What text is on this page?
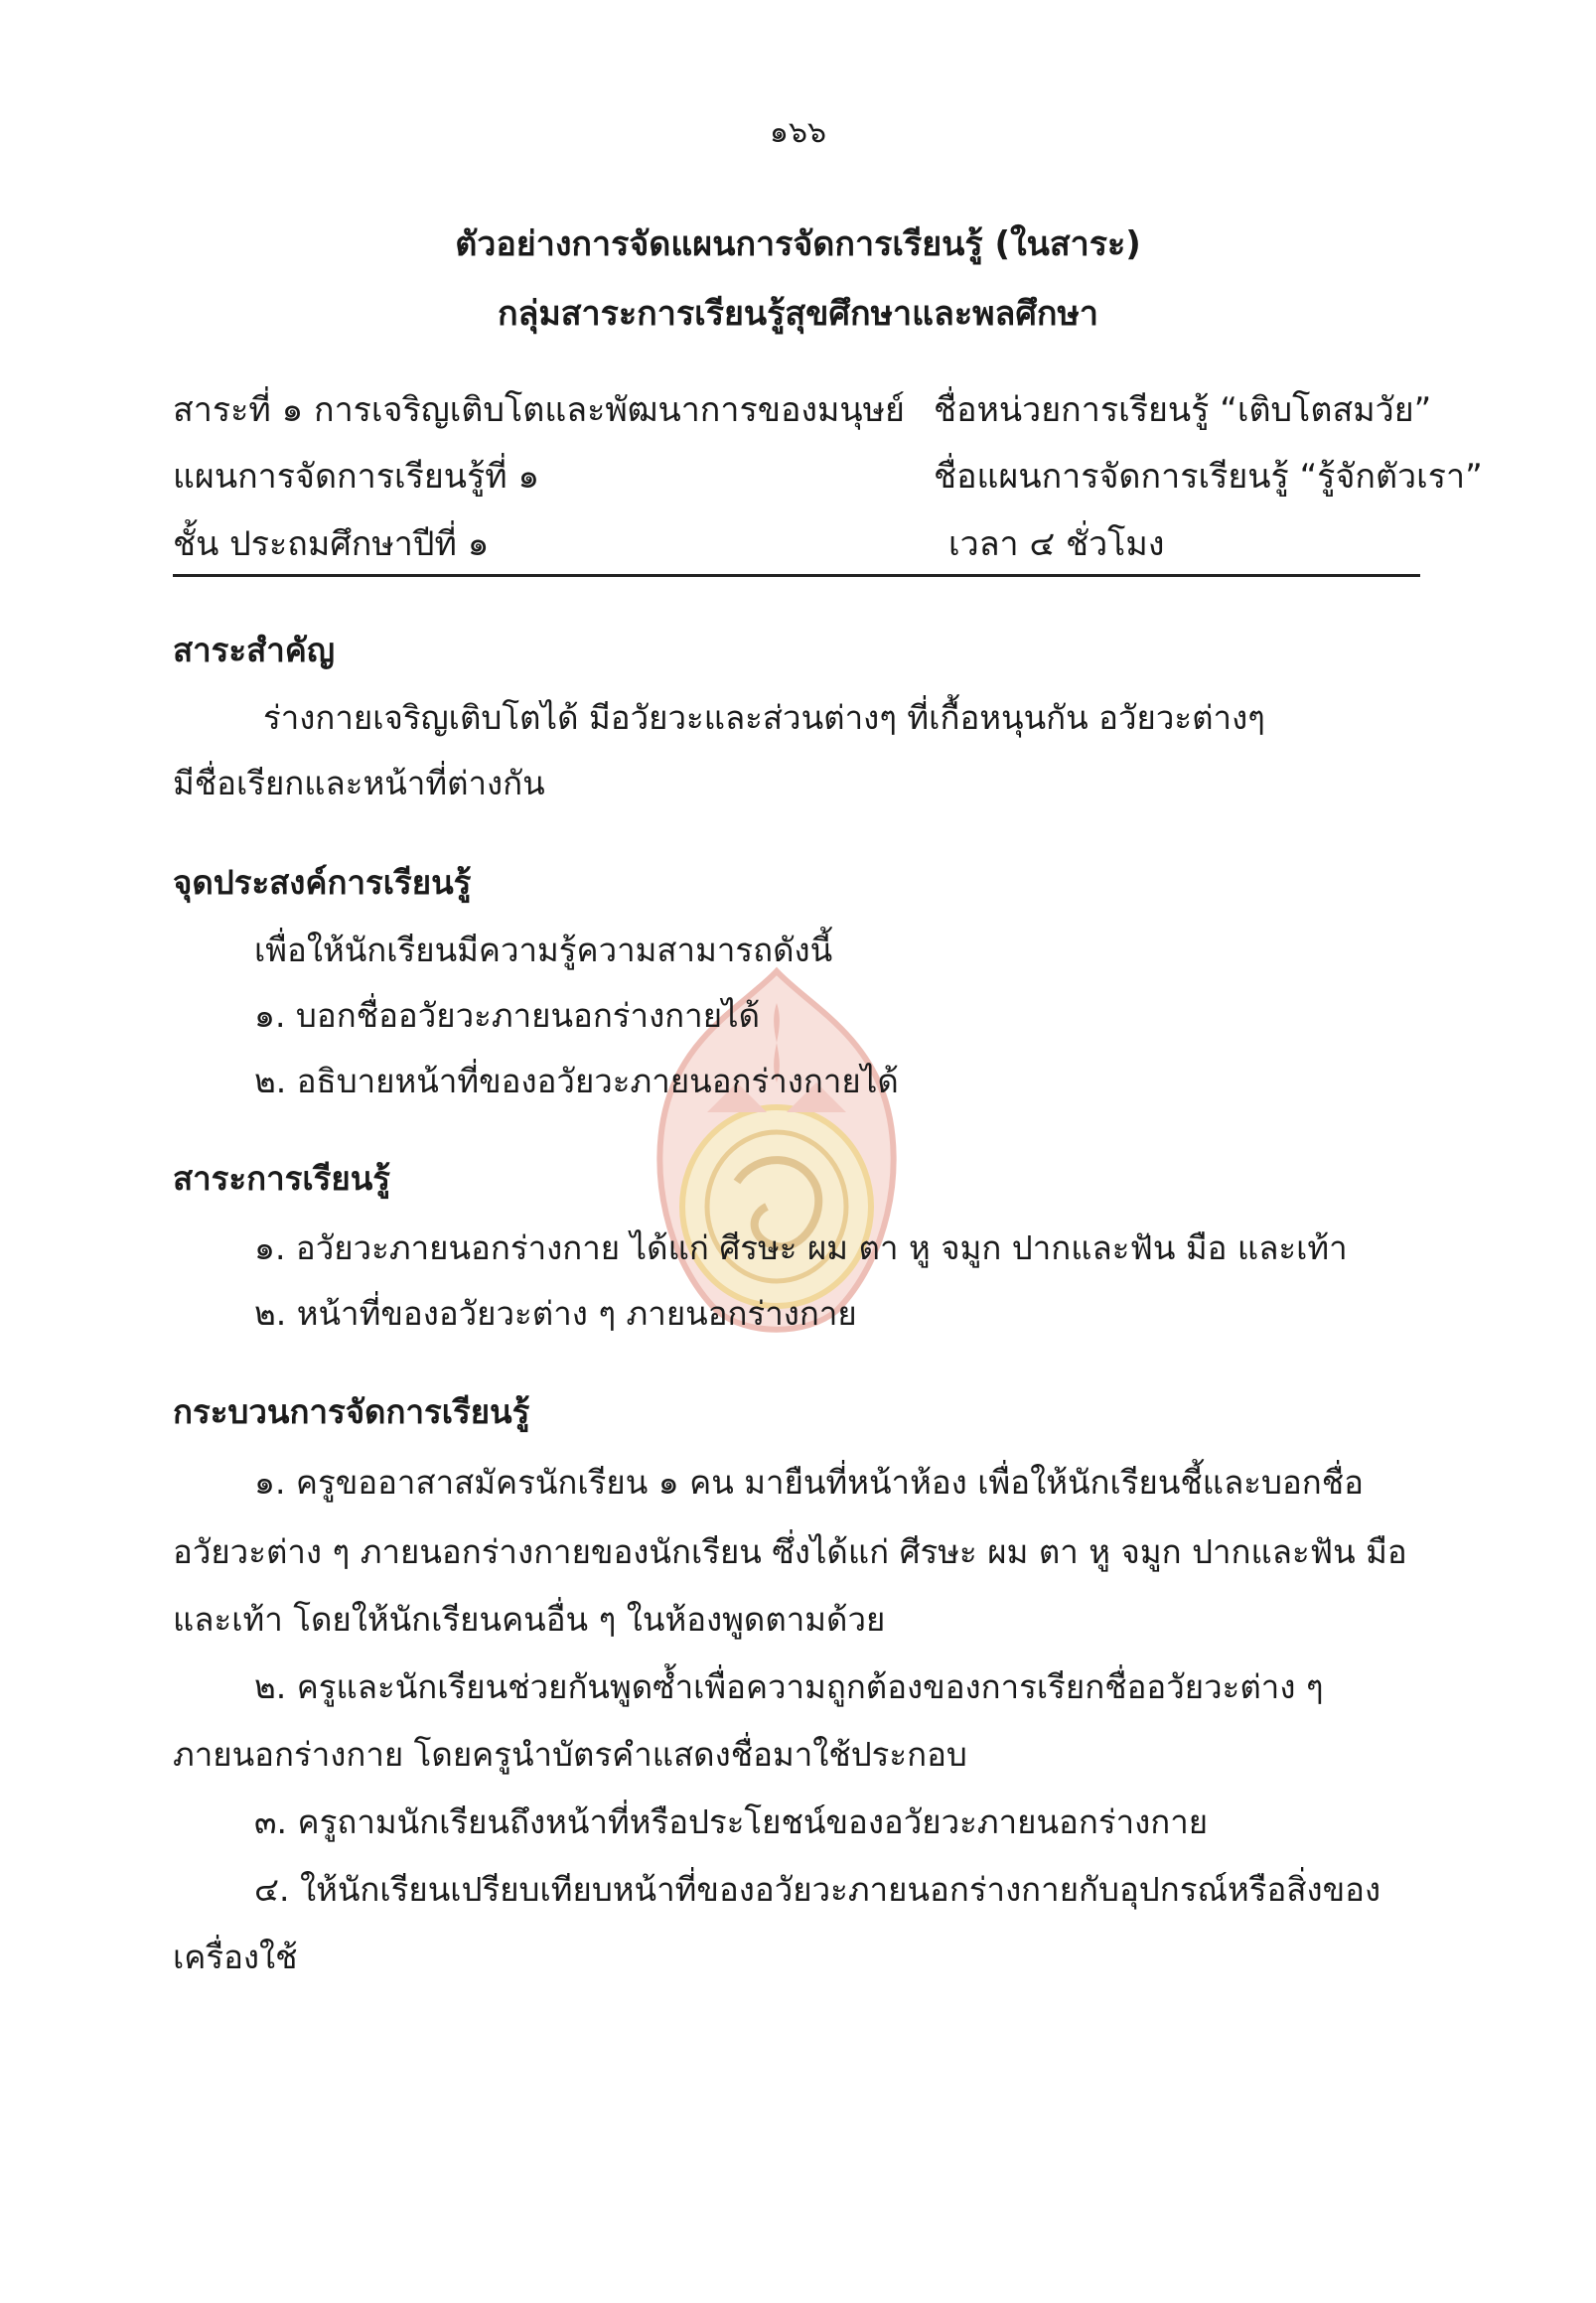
๑๖๖
ตัวอย่างการจัดแผนการจัดการเรียนรู้ (ในสาระ)
กลุ่มสาระการเรียนรู้สุขศึกษาและพลศึกษา
สาระที่ ๑ การเจริญเติบโตและพัฒนาการของมนุษย์ ชื่อหน่วยการเรียนรู้ “เติบโตสมวัย”
แผนการจัดการเรียนรู้ที่ ๑	ชื่อแผนการจัดการเรียนรู้ “รู้จักตัวเรา”
ชั้น ประถมศึกษาปีที่ ๑	เวลา ๔ ชั่วโมง
สาระสำคัญ
ร่างกายเจริญเติบโตได้ มีอวัยวะและส่วนต่างๆ ที่เกื้อหนุนกัน อวัยวะต่างๆ
มีชื่อเรียกและหน้าที่ต่างกัน
จุดประสงค์การเรียนรู้
เพื่อให้นักเรียนมีความรู้ความสามารถดังนี้
๑. บอกชื่ออวัยวะภายนอกร่างกายได้
๒. อธิบายหน้าที่ของอวัยวะภายนอกร่างกายได้
สาระการเรียนรู้
๑. อวัยวะภายนอกร่างกาย ได้แก่ ศีรษะ ผม ตา หู จมูก ปากและฟัน มือ และเท้า
๒. หน้าที่ของอวัยวะต่าง ๆ ภายนอกร่างกาย
กระบวนการจัดการเรียนรู้
๑. ครูขออาสาสมัครนักเรียน ๑ คน มายืนที่หน้าห้อง เพื่อให้นักเรียนชี้และบอกชื่อ
อวัยวะต่าง ๆ ภายนอกร่างกายของนักเรียน ซึ่งได้แก่ ศีรษะ ผม ตา หู จมูก ปากและฟัน มือ
และเท้า โดยให้นักเรียนคนอื่น ๆ ในห้องพูดตามด้วย
๒. ครูและนักเรียนช่วยกันพูดซ้ำเพื่อความถูกต้องของการเรียกชื่ออวัยวะต่าง ๆ
ภายนอกร่างกาย โดยครูนำบัตรคำแสดงชื่อมาใช้ประกอบ
๓. ครูถามนักเรียนถึงหน้าที่หรือประโยชน์ของอวัยวะภายนอกร่างกาย
๔. ให้นักเรียนเปรียบเทียบหน้าที่ของอวัยวะภายนอกร่างกายกับอุปกรณ์หรือสิ่งของ
เครื่องใช้
